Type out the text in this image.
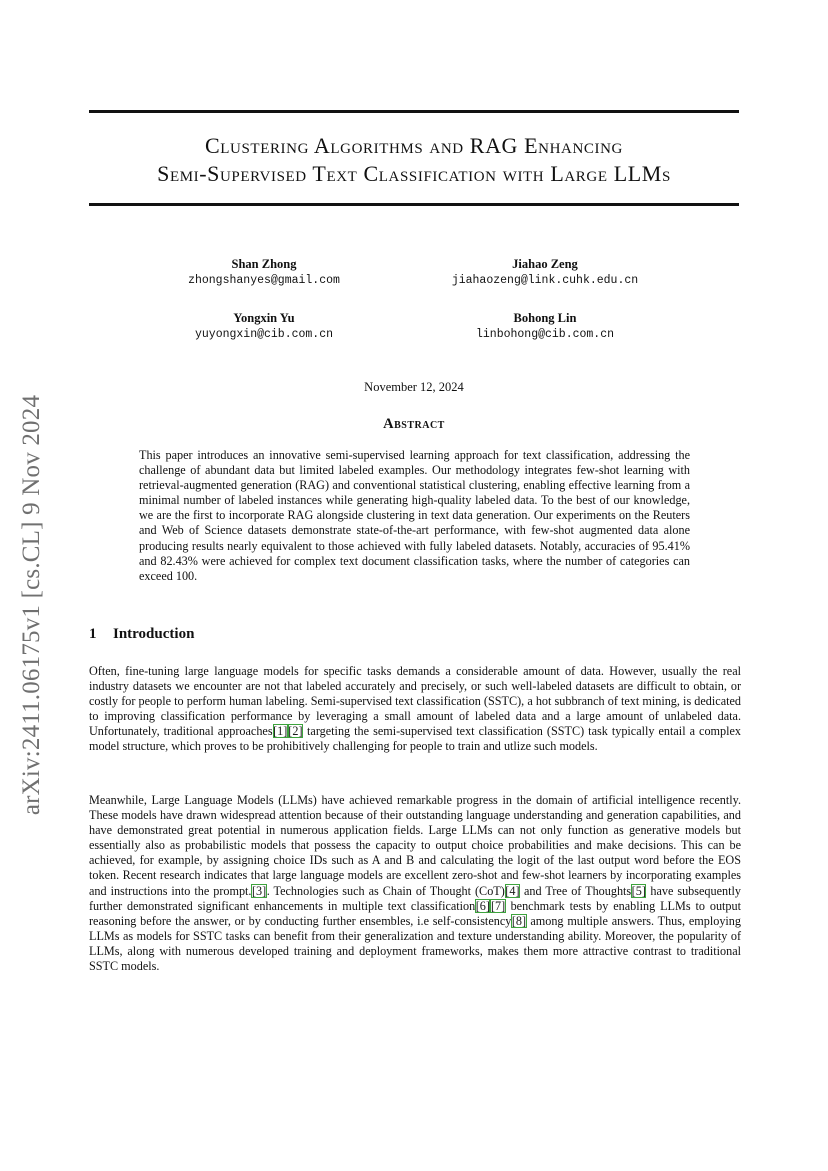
arXiv:2411.06175v1 [cs.CL] 9 Nov 2024
Clustering Algorithms and RAG Enhancing
Semi-Supervised Text Classification with Large LLMs
Shan Zhong
zhongshanyes@gmail.com
Jiahao Zeng
jiahaozeng@link.cuhk.edu.cn
Yongxin Yu
yuyongxin@cib.com.cn
Bohong Lin
linbohong@cib.com.cn
November 12, 2024
Abstract
This paper introduces an innovative semi-supervised learning approach for text classification, addressing the challenge of abundant data but limited labeled examples. Our methodology integrates few-shot learning with retrieval-augmented generation (RAG) and conventional statistical clustering, enabling effective learning from a minimal number of labeled instances while generating high-quality labeled data. To the best of our knowledge, we are the first to incorporate RAG alongside clustering in text data generation. Our experiments on the Reuters and Web of Science datasets demonstrate state-of-the-art performance, with few-shot augmented data alone producing results nearly equivalent to those achieved with fully labeled datasets. Notably, accuracies of 95.41% and 82.43% were achieved for complex text document classification tasks, where the number of categories can exceed 100.
1 Introduction
Often, fine-tuning large language models for specific tasks demands a considerable amount of data. However, usually the real industry datasets we encounter are not that labeled accurately and precisely, or such well-labeled datasets are difficult to obtain, or costly for people to perform human labeling. Semi-supervised text classification (SSTC), a hot subbranch of text mining, is dedicated to improving classification performance by leveraging a small amount of labeled data and a large amount of unlabeled data. Unfortunately, traditional approaches[1][2] targeting the semi-supervised text classification (SSTC) task typically entail a complex model structure, which proves to be prohibitively challenging for people to train and utlize such models.
Meanwhile, Large Language Models (LLMs) have achieved remarkable progress in the domain of artificial intelligence recently. These models have drawn widespread attention because of their outstanding language understanding and generation capabilities, and have demonstrated great potential in numerous application fields. Large LLMs can not only function as generative models but essentially also as probabilistic models that possess the capacity to output choice probabilities and make decisions. This can be achieved, for example, by assigning choice IDs such as A and B and calculating the logit of the last output word before the EOS token. Recent research indicates that large language models are excellent zero-shot and few-shot learners by incorporating examples and instructions into the prompt.[3]. Technologies such as Chain of Thought (CoT)[4] and Tree of Thoughts[5] have subsequently further demonstrated significant enhancements in multiple text classification[6][7] benchmark tests by enabling LLMs to output reasoning before the answer, or by conducting further ensembles, i.e self-consistency[8] among multiple answers. Thus, employing LLMs as models for SSTC tasks can benefit from their generalization and texture understanding ability. Moreover, the popularity of LLMs, along with numerous developed training and deployment frameworks, makes them more attractive contrast to traditional SSTC models.
